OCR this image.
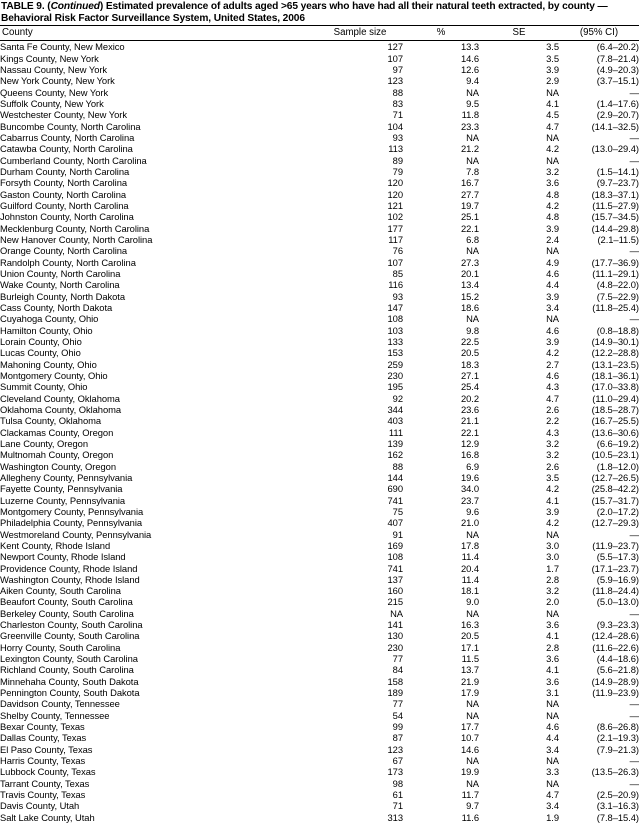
TABLE 9. (Continued) Estimated prevalence of adults aged >65 years who have had all their natural teeth extracted, by county —
Behavioral Risk Factor Surveillance System, United States, 2006

County	Sample size	%	SE	(95% CI)
Santa Fe County, New Mexico	127	13.3	3.5	(6.4–20.2)
Kings County, New York	107	14.6	3.5	(7.8–21.4)
Nassau County, New York	97	12.6	3.9	(4.9–20.3)
New York County, New York	123	9.4	2.9	(3.7–15.1)
Queens County, New York	88	NA	NA	—
Suffolk County, New York	83	9.5	4.1	(1.4–17.6)
Westchester County, New York	71	11.8	4.5	(2.9–20.7)
Buncombe County, North Carolina	104	23.3	4.7	(14.1–32.5)
Cabarrus County, North Carolina	93	NA	NA	—
Catawba County, North Carolina	113	21.2	4.2	(13.0–29.4)
Cumberland County, North Carolina	89	NA	NA	—
Durham County, North Carolina	79	7.8	3.2	(1.5–14.1)
Forsyth County, North Carolina	120	16.7	3.6	(9.7–23.7)
Gaston County, North Carolina	120	27.7	4.8	(18.3–37.1)
Guilford County, North Carolina	121	19.7	4.2	(11.5–27.9)
Johnston County, North Carolina	102	25.1	4.8	(15.7–34.5)
Mecklenburg County, North Carolina	177	22.1	3.9	(14.4–29.8)
New Hanover County, North Carolina	117	6.8	2.4	(2.1–11.5)
Orange County, North Carolina	76	NA	NA	—
Randolph County, North Carolina	107	27.3	4.9	(17.7–36.9)
Union County, North Carolina	85	20.1	4.6	(11.1–29.1)
Wake County, North Carolina	116	13.4	4.4	(4.8–22.0)
Burleigh County, North Dakota	93	15.2	3.9	(7.5–22.9)
Cass County, North Dakota	147	18.6	3.4	(11.8–25.4)
Cuyahoga County, Ohio	108	NA	NA	—
Hamilton County, Ohio	103	9.8	4.6	(0.8–18.8)
Lorain County, Ohio	133	22.5	3.9	(14.9–30.1)
Lucas County, Ohio	153	20.5	4.2	(12.2–28.8)
Mahoning County, Ohio	259	18.3	2.7	(13.1–23.5)
Montgomery County, Ohio	230	27.1	4.6	(18.1–36.1)
Summit County, Ohio	195	25.4	4.3	(17.0–33.8)
Cleveland County, Oklahoma	92	20.2	4.7	(11.0–29.4)
Oklahoma County, Oklahoma	344	23.6	2.6	(18.5–28.7)
Tulsa County, Oklahoma	403	21.1	2.2	(16.7–25.5)
Clackamas County, Oregon	111	22.1	4.3	(13.6–30.6)
Lane County, Oregon	139	12.9	3.2	(6.6–19.2)
Multnomah County, Oregon	162	16.8	3.2	(10.5–23.1)
Washington County, Oregon	88	6.9	2.6	(1.8–12.0)
Allegheny County, Pennsylvania	144	19.6	3.5	(12.7–26.5)
Fayette County, Pennsylvania	690	34.0	4.2	(25.8–42.2)
Luzerne County, Pennsylvania	741	23.7	4.1	(15.7–31.7)
Montgomery County, Pennsylvania	75	9.6	3.9	(2.0–17.2)
Philadelphia County, Pennsylvania	407	21.0	4.2	(12.7–29.3)
Westmoreland County, Pennsylvania	91	NA	NA	—
Kent County, Rhode Island	169	17.8	3.0	(11.9–23.7)
Newport County, Rhode Island	108	11.4	3.0	(5.5–17.3)
Providence County, Rhode Island	741	20.4	1.7	(17.1–23.7)
Washington County, Rhode Island	137	11.4	2.8	(5.9–16.9)
Aiken County, South Carolina	160	18.1	3.2	(11.8–24.4)
Beaufort County, South Carolina	215	9.0	2.0	(5.0–13.0)
Berkeley County, South Carolina	NA	NA	NA	—
Charleston County, South Carolina	141	16.3	3.6	(9.3–23.3)
Greenville County, South Carolina	130	20.5	4.1	(12.4–28.6)
Horry County, South Carolina	230	17.1	2.8	(11.6–22.6)
Lexington County, South Carolina	77	11.5	3.6	(4.4–18.6)
Richland County, South Carolina	84	13.7	4.1	(5.6–21.8)
Minnehaha County, South Dakota	158	21.9	3.6	(14.9–28.9)
Pennington County, South Dakota	189	17.9	3.1	(11.9–23.9)
Davidson County, Tennessee	77	NA	NA	—
Shelby County, Tennessee	54	NA	NA	—
Bexar County, Texas	99	17.7	4.6	(8.6–26.8)
Dallas County, Texas	87	10.7	4.4	(2.1–19.3)
El Paso County, Texas	123	14.6	3.4	(7.9–21.3)
Harris County, Texas	67	NA	NA	—
Lubbock County, Texas	173	19.9	3.3	(13.5–26.3)
Tarrant County, Texas	98	NA	NA	—
Travis County, Texas	61	11.7	4.7	(2.5–20.9)
Davis County, Utah	71	9.7	3.4	(3.1–16.3)
Salt Lake County, Utah	313	11.6	1.9	(7.8–15.4)
